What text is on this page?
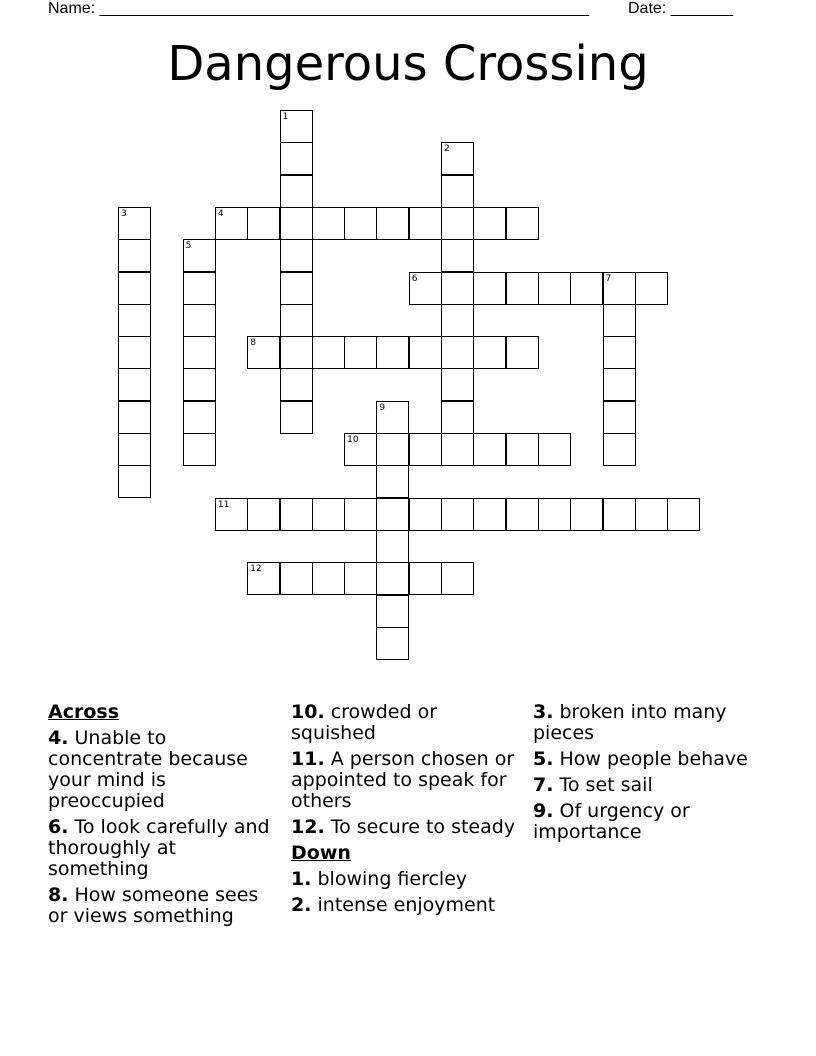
Name: _______________________________________________________ Date: _______
Dangerous Crossing
1
2
3	4
5
6	7
8
9
10
11
12
Across
4. Unable to concentrate because your mind is preoccupied
6. To look carefully and thoroughly at something
8. How someone sees or views something
10. crowded or squished
11. A person chosen or appointed to speak for others
12. To secure to steady
Down
1. blowing fiercley
2. intense enjoyment
3. broken into many pieces
5. How people behave
7. To set sail
9. Of urgency or importance
